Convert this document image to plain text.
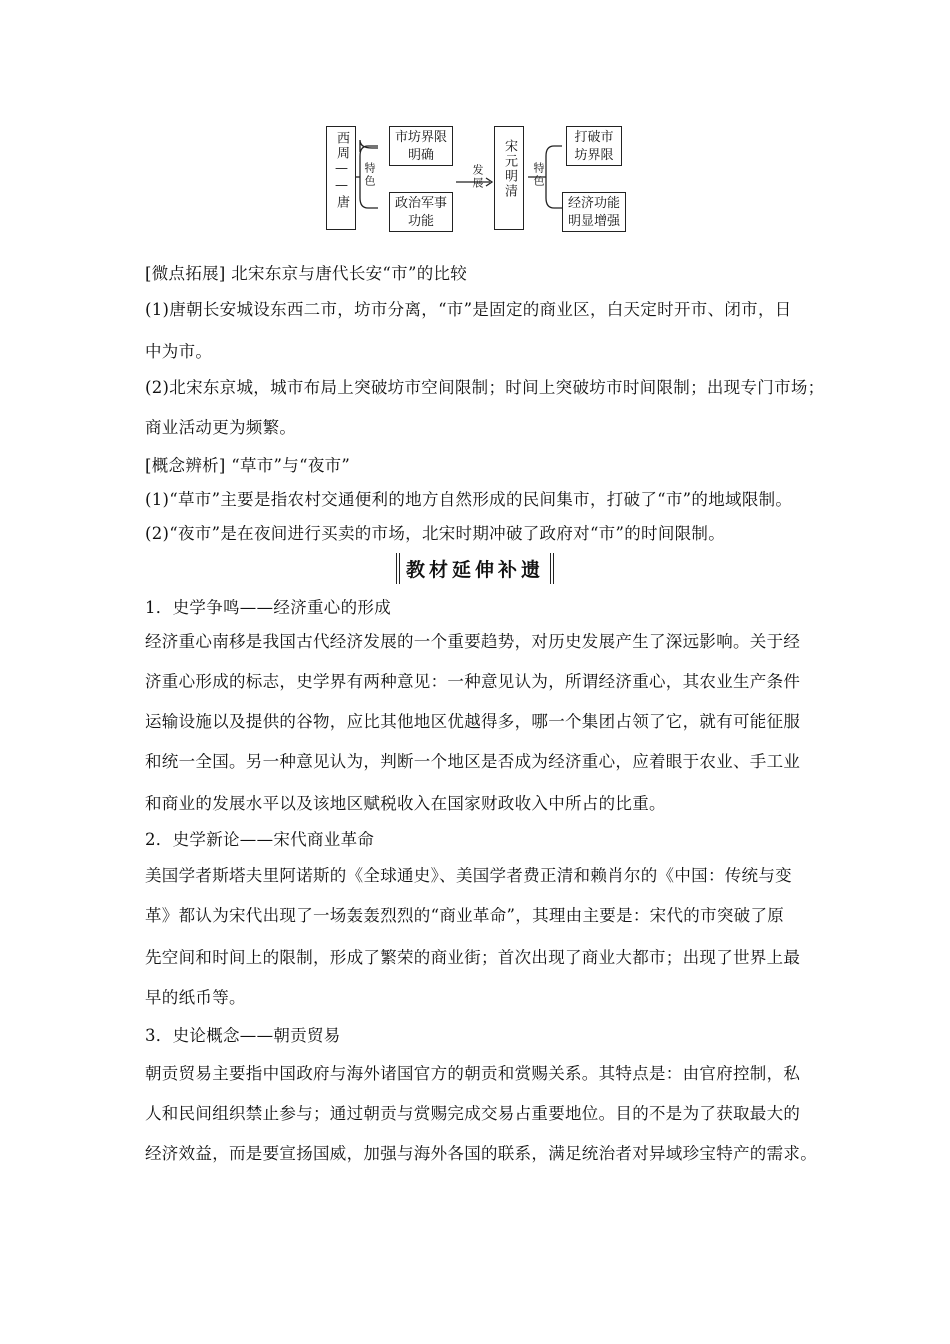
西周——唐 特色
市坊界限明确
政治军事功能
发展 宋元明清 特色
打破市坊界限
经济功能明显增强
[微点拓展] 北宋东京与唐代长安“市”的比较
(1)唐朝长安城设东西二市，坊市分离，“市”是固定的商业区，白天定时开市、闭市，日
中为市。
(2)北宋东京城，城市布局上突破坊市空间限制；时间上突破坊市时间限制；出现专门市场；
商业活动更为频繁。
[概念辨析] “草市”与“夜市”
(1)“草市”主要是指农村交通便利的地方自然形成的民间集市，打破了“市”的地域限制。
(2)“夜市”是在夜间进行买卖的市场，北宋时期冲破了政府对“市”的时间限制。
教材延伸补遗
1．史学争鸣——经济重心的形成
经济重心南移是我国古代经济发展的一个重要趋势，对历史发展产生了深远影响。关于经
济重心形成的标志，史学界有两种意见：一种意见认为，所谓经济重心，其农业生产条件
运输设施以及提供的谷物，应比其他地区优越得多，哪一个集团占领了它，就有可能征服
和统一全国。另一种意见认为，判断一个地区是否成为经济重心，应着眼于农业、手工业
和商业的发展水平以及该地区赋税收入在国家财政收入中所占的比重。
2．史学新论——宋代商业革命
美国学者斯塔夫里阿诺斯的《全球通史》、美国学者费正清和赖肖尔的《中国：传统与变
革》都认为宋代出现了一场轰轰烈烈的“商业革命”，其理由主要是：宋代的市突破了原
先空间和时间上的限制，形成了繁荣的商业街；首次出现了商业大都市；出现了世界上最
早的纸币等。
3．史论概念——朝贡贸易
朝贡贸易主要指中国政府与海外诸国官方的朝贡和赏赐关系。其特点是：由官府控制，私
人和民间组织禁止参与；通过朝贡与赏赐完成交易占重要地位。目的不是为了获取最大的
经济效益，而是要宣扬国威，加强与海外各国的联系，满足统治者对异域珍宝特产的需求。
